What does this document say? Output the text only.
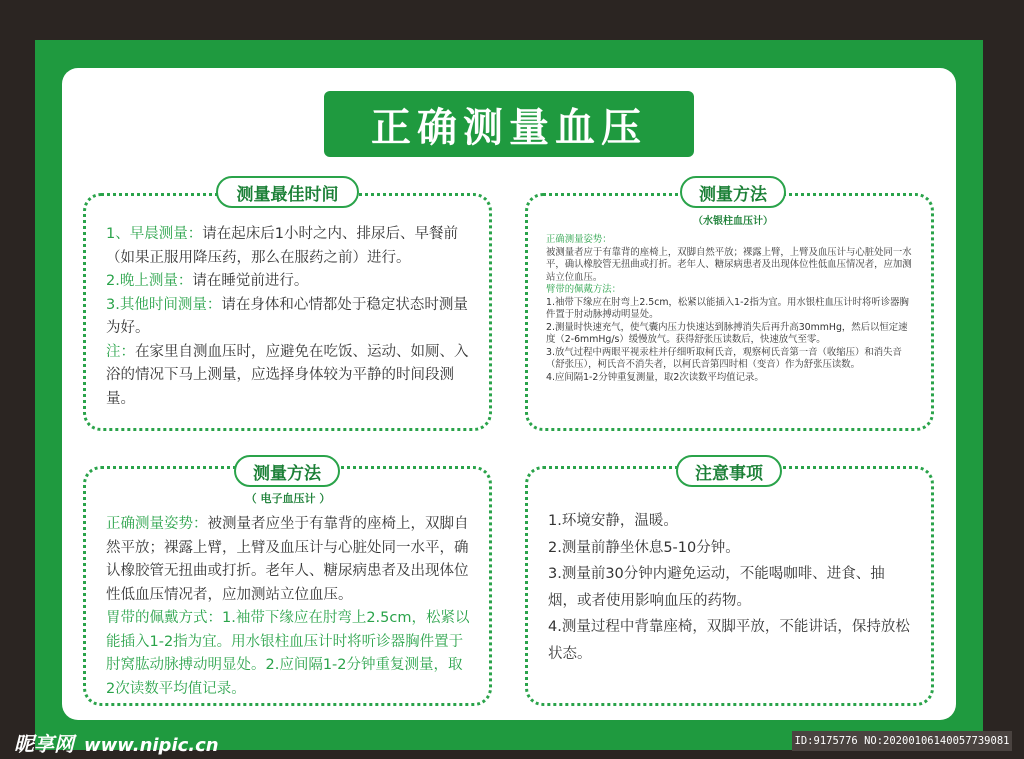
正确测量血压
测量最佳时间

1、早晨测量：请在起床后1小时之内、排尿后、早餐前（如果正服用降压药，那么在服药之前）进行。

2.晚上测量：请在睡觉前进行。

3.其他时间测量：请在身体和心情都处于稳定状态时测量为好。

注：在家里自测血压时，应避免在吃饭、运动、如厕、入浴的情况下马上测量，应选择身体较为平静的时间段测量。

测量方法
（水银柱血压计）

正确测量姿势：

被测量者应于有靠背的座椅上，双脚自然平放；裸露上臂，上臂及血压计与心脏处同一水平，确认橡胶管无扭曲或打折。老年人、糖尿病患者及出现体位性低血压情况者，应加测站立位血压。

臂带的佩戴方法：

1.袖带下缘应在肘弯上2.5cm，松紧以能插入1-2指为宜。用水银柱血压计时将听诊器胸件置于肘动脉搏动明显处。

2.测量时快速充气，使气囊内压力快速达到脉搏消失后再升高30mmHg，然后以恒定速度（2-6mmHg/s）缓慢放气。获得舒张压读数后，快速放气至零。

3.放气过程中两眼平视汞柱并仔细听取柯氏音，观察柯氏音第一音（收缩压）和消失音（舒张压），柯氏音不消失者，以柯氏音第四时相（变音）作为舒张压读数。

4.应间隔1-2分钟重复测量，取2次读数平均值记录。

测量方法
（ 电子血压计 ）

正确测量姿势：被测量者应坐于有靠背的座椅上，双脚自然平放；裸露上臂，上臂及血压计与心脏处同一水平，确认橡胶管无扭曲或打折。老年人、糖尿病患者及出现体位性低血压情况者，应加测站立位血压。

胃带的佩戴方式：1.袖带下缘应在肘弯上2.5cm，松紧以能插入1-2指为宜。用水银柱血压计时将听诊器胸件置于肘窝肱动脉搏动明显处。2.应间隔1-2分钟重复测量，取2次读数平均值记录。

注意事项

1.环境安静，温暖。

2.测量前静坐休息5-10分钟。

3.测量前30分钟内避免运动，不能喝咖啡、进食、抽烟，或者使用影响血压的药物。

4.测量过程中背靠座椅，双脚平放，不能讲话，保持放松状态。

昵享网 www.nipic.cn	ID:9175776 NO:20200106140057739081
